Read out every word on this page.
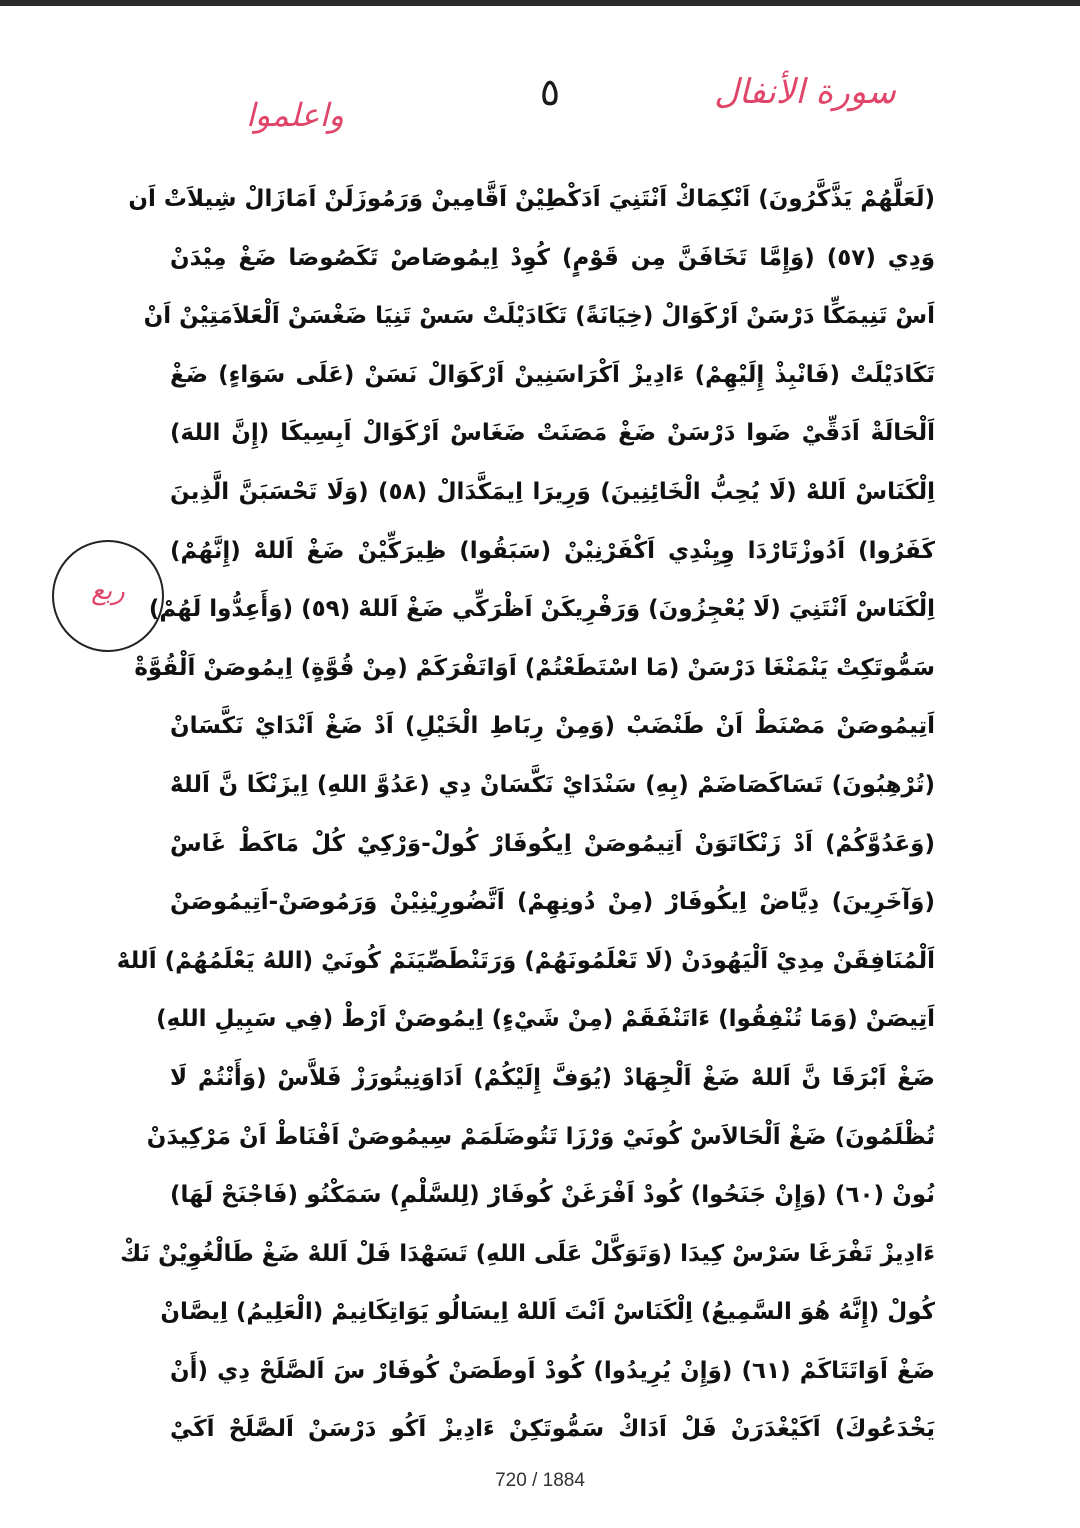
سورة الأنفال
٥
واعلموا
ربع
(لَعَلَّهُمْ يَذَّكَّرُونَ) اَنْكِمَاكْ اَنْتَنِيَ اَدَكْطِيْنْ اَقَّامِينْ وَرَمُوزَلَنْ اَمَازَالْ شِيلاَتْ اَن
وَدِي (٥٧) (وَإِمَّا تَخَافَنَّ مِن قَوْمٍ) كُوِدْ اِيمُوصَاصْ تَكَصُوصَا ضَغْ مِيْدَنْ
اَسْ تَنِيمَكِّا دَرْسَنْ اَرْكَوَالْ (خِيَانَةً) تَكَادَيْلَتْ سَسْ تَنِيَا ضَغْسَنْ اَلْعَلاَمَتِيْنْ اَنْ
تَكَادَيْلَتْ (فَانْبِذْ إِلَيْهِمْ) ءَادِيزْ اَكْرَاسَنِينْ اَرْكَوَالْ نَسَنْ (عَلَى سَوَاءٍ) ضَغْ
اَلْحَالَةْ اَدَقِّيْ ضَوا دَرْسَنْ ضَغْ مَصَنَتْ ضَغَاسْ اَرْكَوَالْ اَبِسِيكَا (إِنَّ اللهَ)
اِلْكَنَاسْ اَللهْ (لَا يُحِبُّ الْخَائِنِينَ) وَرِيرَا اِيمَكَّدَالْ (٥٨) (وَلَا تَحْسَبَنَّ الَّذِينَ
كَفَرُوا) اَدُوزْتَارْدَا وِيِنْدِي اَكْفَرْنِيْنْ (سَبَقُوا) ظِيرَكِّيْنْ ضَغْ اَللهْ (إِنَّهُمْ)
اِلْكَنَاسْ اَنْتَنِيَ (لَا يُعْجِزُونَ) وَرَفْرِيكَنْ اَظْرَكِّي ضَغْ اَللهْ (٥٩) (وَأَعِدُّوا لَهُمْ)
سَمُّوتَكِتْ يَنْمَنْغَا دَرْسَنْ (مَا اسْتَطَعْتُمْ) اَوَاتَفْرَكَمْ (مِنْ قُوَّةٍ) اِيمُوصَنْ اَلْقُوَّةْ
اَتِيمُوصَنْ مَصْنَطْ اَنْ طَنْضَبْ (وَمِنْ رِبَاطِ الْخَيْلِ) اَدْ ضَغْ اَنْدَايْ نَكَّسَانْ
(تُرْهِبُونَ) تَسَاكَصَاضَمْ (بِهِ) سَنْدَايْ نَكَّسَانْ دِي (عَدُوَّ اللهِ) اِيزَنْكَا نَّ اَللهْ
(وَعَدُوَّكُمْ) اَدْ زَنْكَاتَوَنْ اَتِيمُوصَنْ اِيكُوفَارْ كُولْ-وَرْكِيْ كُلْ مَاكَطْ غَاسْ
(وَآخَرِينَ) دِيَّاضْ اِيكُوفَارْ (مِنْ دُونِهِمْ) اَتَّضُورِيْنِيْنْ وَرَمُوصَنْ-اَتِيمُوصَنْ
اَلْمُنَافِقَنْ مِدِيْ اَلْيَهُودَنْ (لَا تَعْلَمُونَهُمْ) وَرَتَنْطَصِّيَنَمْ كُونَيْ (اللهُ يَعْلَمُهُمْ) اَللهْ
اَتِيصَنْ (وَمَا تُنْفِقُوا) ءَاتَنْفَقَمْ (مِنْ شَيْءٍ) اِيمُوصَنْ اَرْطْ (فِي سَبِيلِ اللهِ)
ضَغْ اَبْرَقَا نَّ اَللهْ ضَغْ اَلْجِهَادْ (يُوَفَّ إِلَيْكُمْ) اَدَاوَنِيتُورَزْ فَلاَّسْ (وَأَنْتُمْ لَا
تُظْلَمُونَ) ضَغْ اَلْحَالاَسْ كُونَيْ وَرْزَا تَتُوضَلَمَمْ سِيمُوصَنْ اَفْنَاطْ اَنْ مَرْكِيدَنْ
نُونْ (٦٠) (وَإِنْ جَنَحُوا) كُودْ اَفْرَغَنْ كُوفَارْ (لِلسَّلْمِ) سَمَكْنُو (فَاجْنَحْ لَهَا)
ءَادِيزْ تَفْرَغَا سَرْسْ كِيدَا (وَتَوَكَّلْ عَلَى اللهِ) تَسَهْدَا فَلْ اَللهْ ضَغْ طَالْغُوِيْنْ نَكْ
كُولْ (إِنَّهُ هُوَ السَّمِيعُ) اِلْكَنَاسْ اَنْتَ اَللهْ اِيسَالُو يَوَاتِكَانِيمْ (الْعَلِيمُ) اِيصَّانْ
ضَغْ اَوَاتَتَاكَمْ (٦١) (وَإِنْ يُرِيدُوا) كُودْ اَوطَصَنْ كُوفَارْ سَ اَلصَّلَحْ دِي (أَنْ
يَخْدَعُوكَ) اَكَيْغْدَرَنْ فَلْ اَدَاكْ سَمُّوتَكِنْ ءَادِيزْ اَكُو دَرْسَنْ اَلصَّلَحْ اَكَيْ
720 / 1884
